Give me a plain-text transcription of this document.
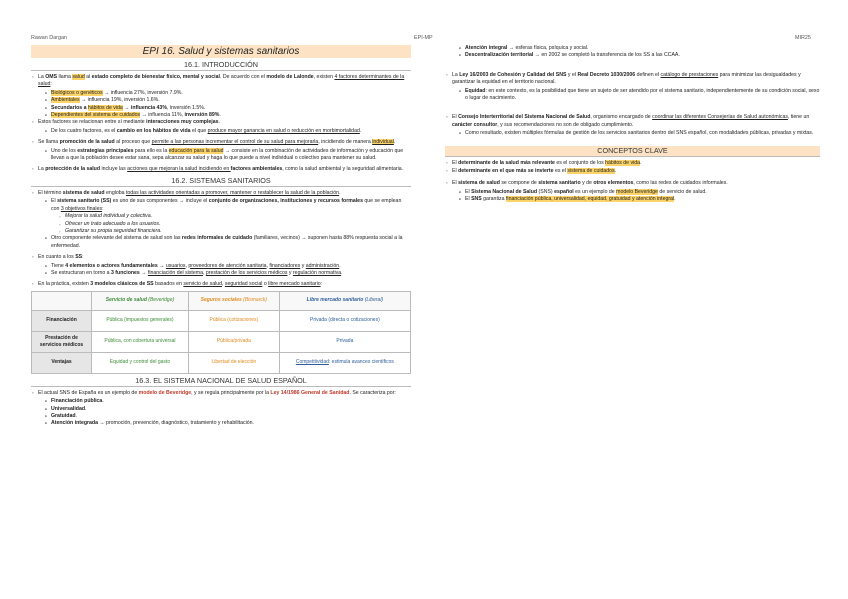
Rawan Dargan	EPI-MP	MIR25
EPI 16. Salud y sistemas sanitarios
16.1. INTRODUCCIÓN
* La OMS llama salud al estado completo de bienestar físico, mental y social. De acuerdo con el modelo de Lalonde, existen 4 factores determinantes de la salud:
● Biológicos o genéticos → influencia 27%, inversión 7.9%.
● Ambientales → influencia 19%, inversión 1.6%.
● Secundarios a hábitos de vida → influencia 43%, inversión 1.5%.
● Dependientes del sistema de cuidados → influencia 11%, inversión 89%.
* Estos factores se relacionan entre sí mediante interacciones muy complejas.
● De los cuatro factores, es el cambio en los hábitos de vida el que produce mayor ganancia en salud o reducción en morbimortalidad.
* Se llama promoción de la salud al proceso que permite a las personas incrementar el control de su salud para mejorarla, incidiendo de manera individual.
● Uno de los estrategias principales para ello es la educación para la salud → consiste en la combinación de actividades de información y educación que llevan a que la población desee estar sana, sepa alcanzar su salud y haga lo que puede a nivel individual o colectivo para mantener su salud.
* La protección de la salud incluye las acciones que mejoran la salud incidiendo en factores ambientales, como la salud ambiental y la seguridad alimentaria.
16.2. SISTEMAS SANITARIOS
* El término sistema de salud engloba todas las actividades orientadas a promover, mantener o restablecer la salud de la población.
● El sistema sanitario (SS) es uno de sus componentes → incluye el conjunto de organizaciones, instituciones y recursos formales que se emplean con 3 objetivos finales:
◦ Mejorar la salud individual y colectiva.
◦ Ofrecer un trato adecuado a los usuarios.
◦ Garantizar su propia seguridad financiera.
● Otro componente relevante del sistema de salud son las redes informales de cuidado (familiares, vecinos) → suponen hasta 88% respuesta social a la enfermedad.
* En cuanto a los SS:
● Tiene 4 elementos o actores fundamentales → usuarios, proveedores de atención sanitaria, financiadores y administración.
● Se estructuran en torno a 3 funciones → financiación del sistema, prestación de los servicios médicos y regulación normativa.
* En la práctica, existen 3 modelos clásicos de SS basados en servicio de salud, seguridad social o libre mercado sanitario:
	Servicio de salud (Beveridge)	Seguros sociales (Bismarck)	Libre mercado sanitario (Liberal)
Financiación	Pública (impuestos generales)	Pública (cotizaciones)	Privada (directa o cotizaciones)
Prestación de servicios médicos	Pública, con cobertura universal	Pública/privada	Privada
Ventajas	Equidad y control del gasto	Libertad de elección	Competitividad: estimula avances científicos
16.3. EL SISTEMA NACIONAL DE SALUD ESPAÑOL
* El actual SNS de España es un ejemplo de modelo de Beveridge, y se regula principalmente por la Ley 14/1986 General de Sanidad. Se caracteriza por:
● Financiación pública.
● Universalidad.
● Gratuidad.
● Atención integrada → promoción, prevención, diagnóstico, tratamiento y rehabilitación.
● Atención integral → esferas física, psíquica y social.
● Descentralización territorial → en 2002 se completó la transferencia de los SS a las CCAA.
* La Ley 16/2003 de Cohesión y Calidad del SNS y el Real Decreto 1030/2006 definen el catálogo de prestaciones para minimizar las desigualdades y garantizar la equidad en el territorio nacional.
● Equidad: en este contexto, es la posibilidad que tiene un sujeto de ser atendido por el sistema sanitario, independientemente de su condición social, sexo o lugar de nacimiento.
* El Consejo Interterritorial del Sistema Nacional de Salud, organismo encargado de coordinar las diferentes Consejerías de Salud autonómicas, tiene un carácter consultor, y sus recomendaciones no son de obligado cumplimiento.
● Como resultado, existen múltiples fórmulas de gestión de los servicios sanitarios dentro del SNS español, con modalidades públicas, privadas y mixtas.
CONCEPTOS CLAVE
* El determinante de la salud más relevante es el conjunto de los hábitos de vida.
* El determinante en el que más se invierte es el sistema de cuidados.
* El sistema de salud se compone de sistema sanitario y de otros elementos, como las redes de cuidados informales.
● El Sistema Nacional de Salud (SNS) español es un ejemplo de modelo Beveridge de servicio de salud.
● El SNS garantiza financiación pública, universalidad, equidad, gratuidad y atención integral.
